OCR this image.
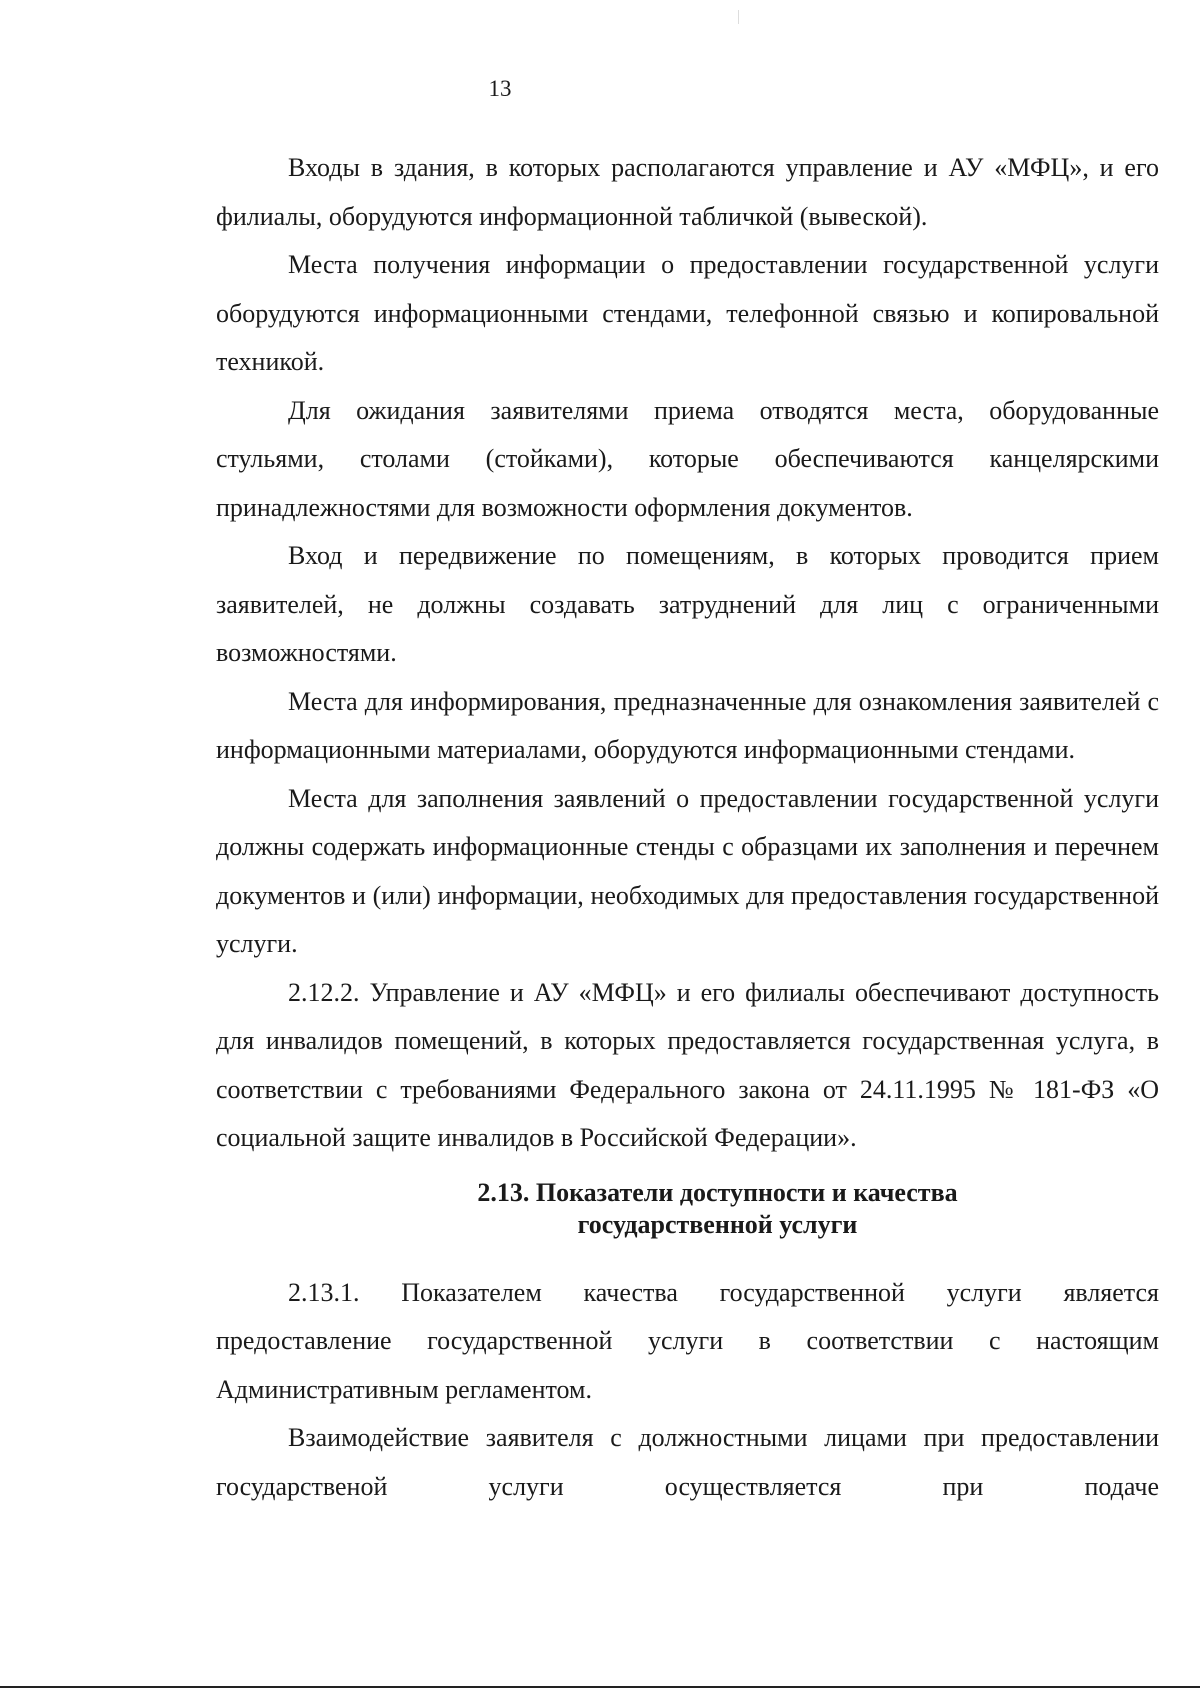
13

Входы в здания, в которых располагаются управление и АУ «МФЦ», и его филиалы, оборудуются информационной табличкой (вывеской).

Места получения информации о предоставлении государственной услуги оборудуются информационными стендами, телефонной связью и копировальной техникой.

Для ожидания заявителями приема отводятся места, оборудованные стульями, столами (стойками), которые обеспечиваются канцелярскими принадлежностями для возможности оформления документов.

Вход и передвижение по помещениям, в которых проводится прием заявителей, не должны создавать затруднений для лиц с ограниченными возможностями.

Места для информирования, предназначенные для ознакомления заявителей с информационными материалами, оборудуются информационными стендами.

Места для заполнения заявлений о предоставлении государственной услуги должны содержать информационные стенды с образцами их заполнения и перечнем документов и (или) информации, необходимых для предоставления государственной услуги.

2.12.2. Управление и АУ «МФЦ» и его филиалы обеспечивают доступность для инвалидов помещений, в которых предоставляется государственная услуга, в соответствии с требованиями Федерального закона от 24.11.1995 № 181-ФЗ «О социальной защите инвалидов в Российской Федерации».

2.13. Показатели доступности и качества
государственной услуги

2.13.1. Показателем качества государственной услуги является предоставление государственной услуги в соответствии с настоящим Административным регламентом.

Взаимодействие заявителя с должностными лицами при предоставлении государственой услуги осуществляется при подаче
